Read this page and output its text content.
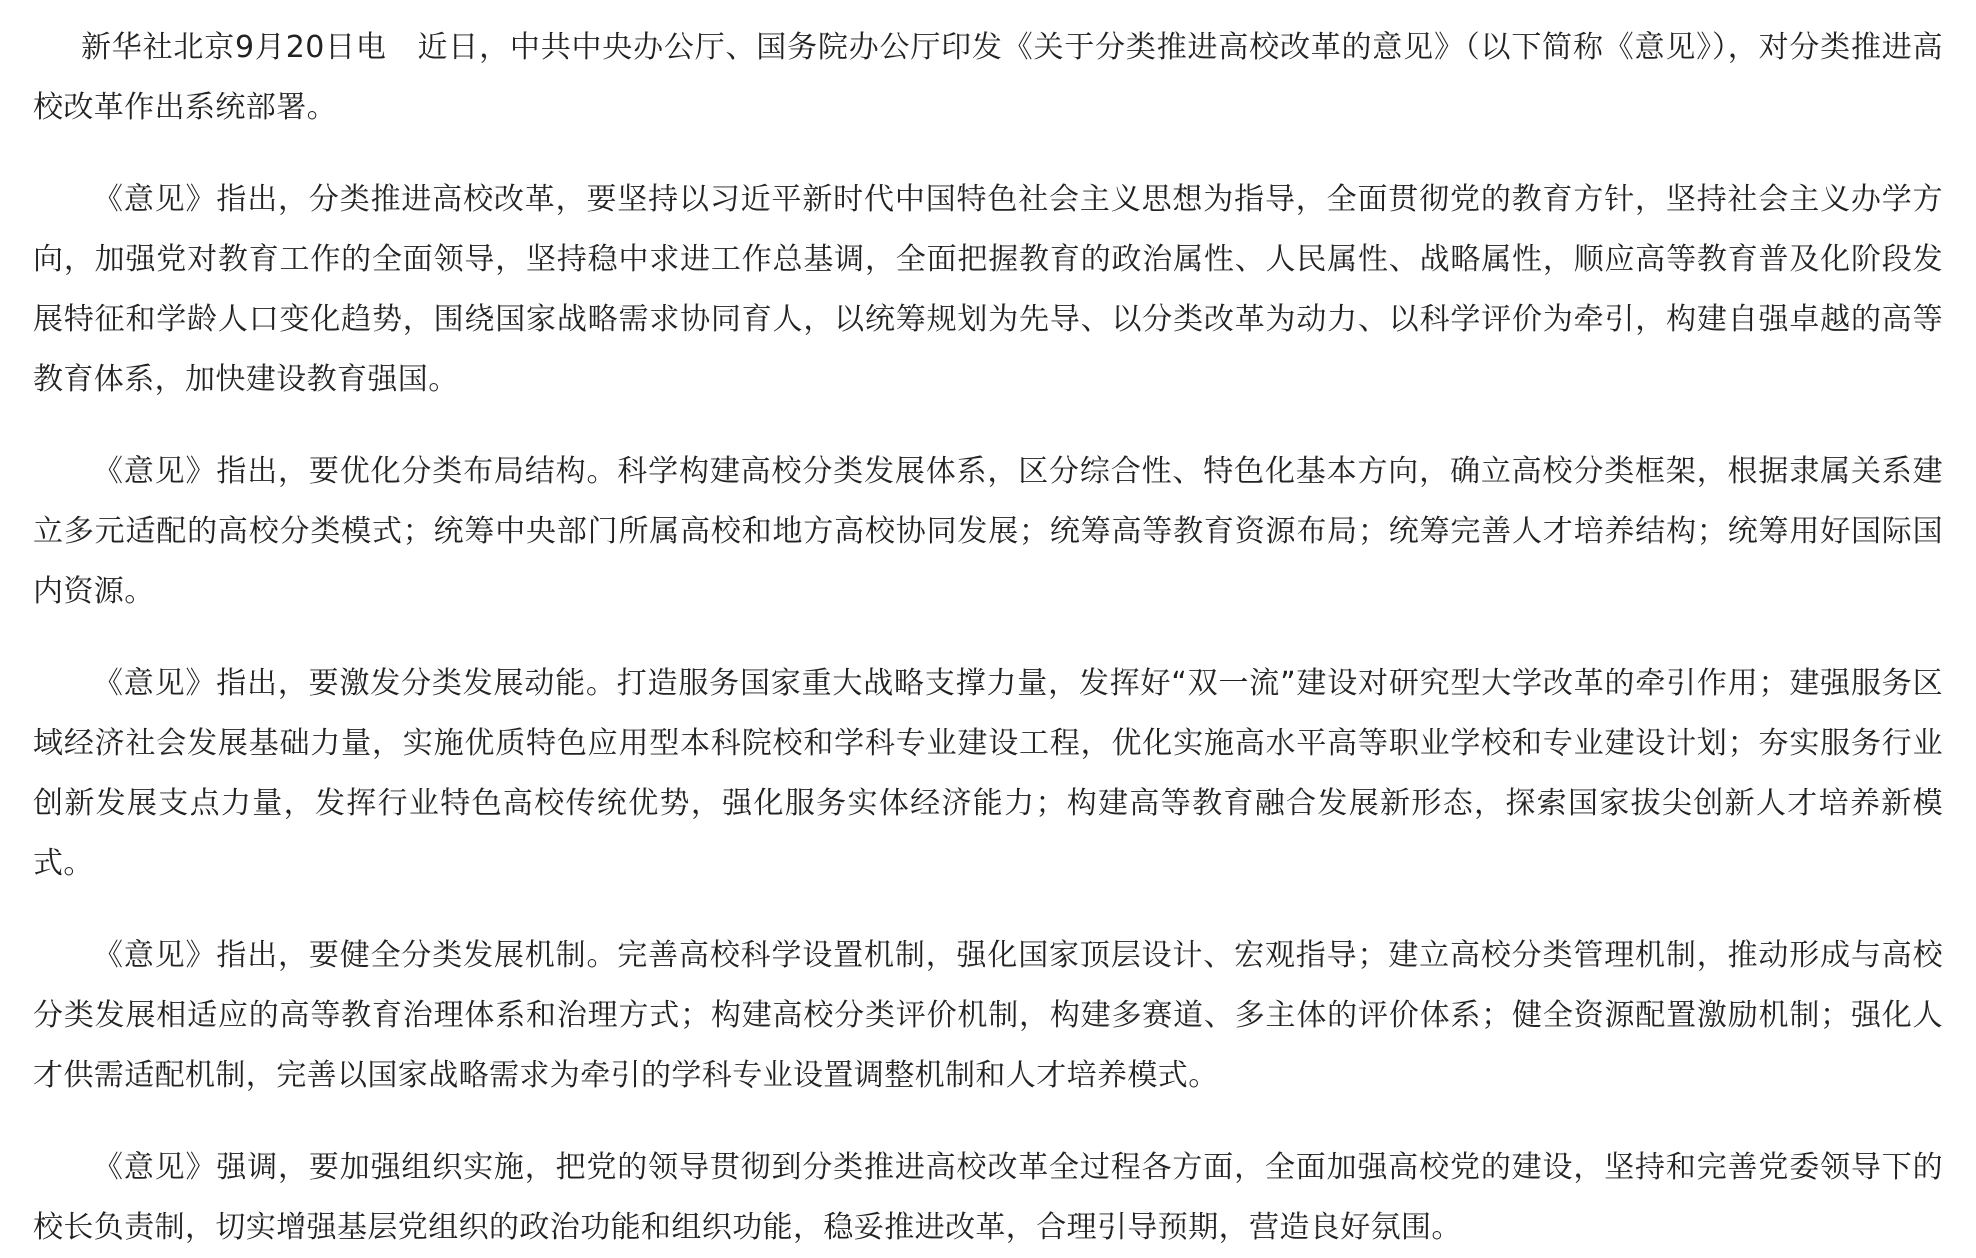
新华社北京9月20日电　近日，中共中央办公厅、国务院办公厅印发《关于分类推进高校改革的意见》（以下简称《意见》），对分类推进高校改革作出系统部署。

《意见》指出，分类推进高校改革，要坚持以习近平新时代中国特色社会主义思想为指导，全面贯彻党的教育方针，坚持社会主义办学方向，加强党对教育工作的全面领导，坚持稳中求进工作总基调，全面把握教育的政治属性、人民属性、战略属性，顺应高等教育普及化阶段发展特征和学龄人口变化趋势，围绕国家战略需求协同育人，以统筹规划为先导、以分类改革为动力、以科学评价为牵引，构建自强卓越的高等教育体系，加快建设教育强国。

《意见》指出，要优化分类布局结构。科学构建高校分类发展体系，区分综合性、特色化基本方向，确立高校分类框架，根据隶属关系建立多元适配的高校分类模式；统筹中央部门所属高校和地方高校协同发展；统筹高等教育资源布局；统筹完善人才培养结构；统筹用好国际国内资源。

《意见》指出，要激发分类发展动能。打造服务国家重大战略支撑力量，发挥好“双一流”建设对研究型大学改革的牵引作用；建强服务区域经济社会发展基础力量，实施优质特色应用型本科院校和学科专业建设工程，优化实施高水平高等职业学校和专业建设计划；夯实服务行业创新发展支点力量，发挥行业特色高校传统优势，强化服务实体经济能力；构建高等教育融合发展新形态，探索国家拔尖创新人才培养新模式。

《意见》指出，要健全分类发展机制。完善高校科学设置机制，强化国家顶层设计、宏观指导；建立高校分类管理机制，推动形成与高校分类发展相适应的高等教育治理体系和治理方式；构建高校分类评价机制，构建多赛道、多主体的评价体系；健全资源配置激励机制；强化人才供需适配机制，完善以国家战略需求为牵引的学科专业设置调整机制和人才培养模式。

《意见》强调，要加强组织实施，把党的领导贯彻到分类推进高校改革全过程各方面，全面加强高校党的建设，坚持和完善党委领导下的校长负责制，切实增强基层党组织的政治功能和组织功能，稳妥推进改革，合理引导预期，营造良好氛围。
